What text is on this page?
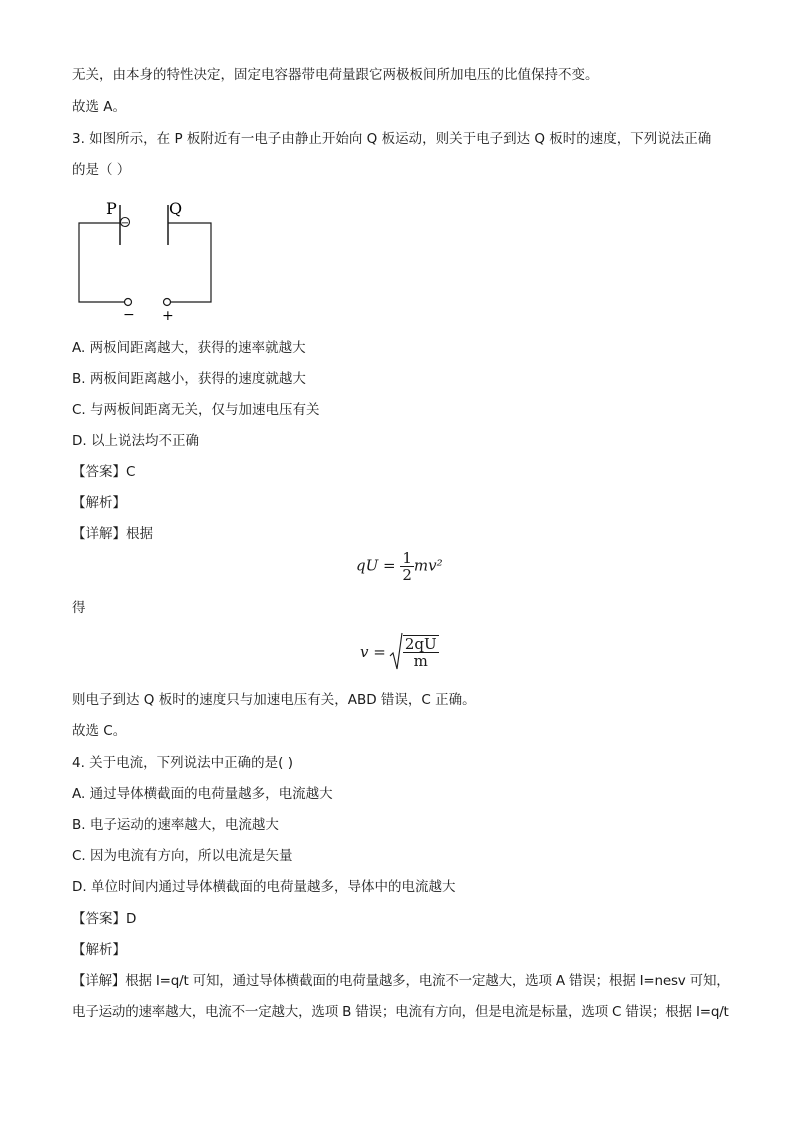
无关，由本身的特性决定，固定电容器带电荷量跟它两极板间所加电压的比值保持不变。
故选 A。
3. 如图所示，在 P 板附近有一电子由静止开始向 Q 板运动，则关于电子到达 Q 板时的速度，下列说法正确
的是（ ）
−
P	Q
− +
A. 两板间距离越大，获得的速率就越大
B. 两板间距离越小，获得的速度就越大
C. 与两板间距离无关，仅与加速电压有关
D. 以上说法均不正确
【答案】C
【解析】
【详解】根据
qU = $\frac{1}{2} mv^2$
得
$v = \frac{2qU}{m}$
则电子到达 Q 板时的速度只与加速电压有关，ABD 错误，C 正确。
故选 C。
4. 关于电流，下列说法中正确的是( )
A. 通过导体横截面的电荷量越多，电流越大
B. 电子运动的速率越大，电流越大
C. 因为电流有方向，所以电流是矢量
D. 单位时间内通过导体横截面的电荷量越多，导体中的电流越大
【答案】D
【解析】
【详解】根据 I=q/t 可知，通过导体横截面的电荷量越多，电流不一定越大，选项 A 错误；根据 I=nesv 可知，
电子运动的速率越大，电流不一定越大，选项 B 错误；电流有方向，但是电流是标量，选项 C 错误；根据 I=q/t
